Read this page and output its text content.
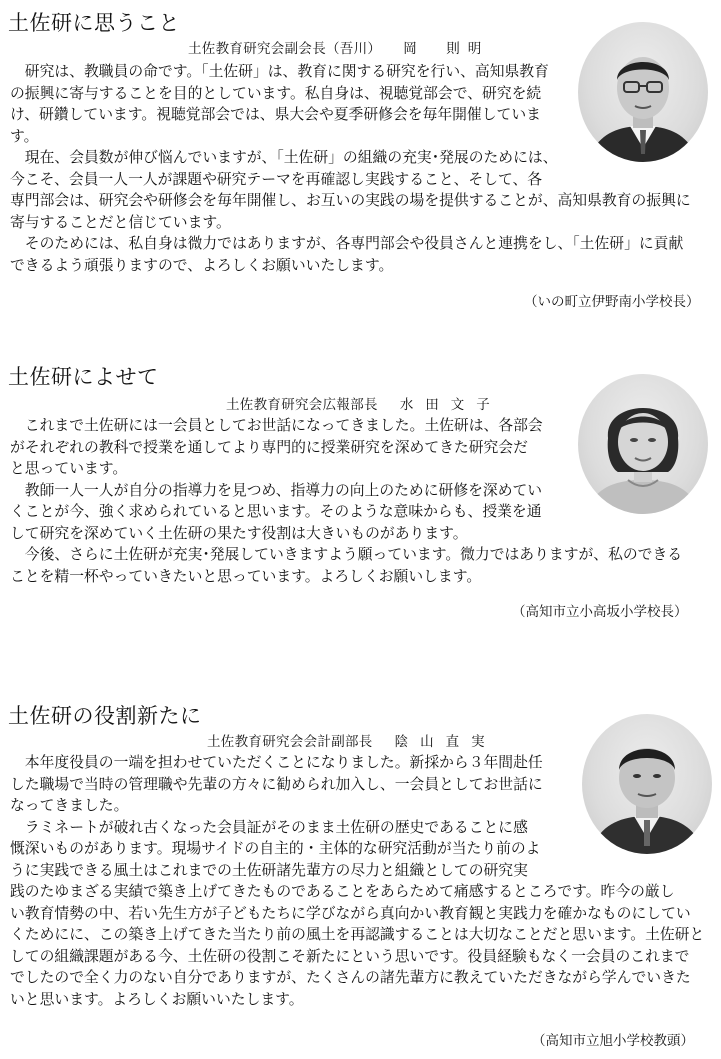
土佐研に思うこと
土佐教育研究会副会長（吾川） 岡　則明
　研究は、教職員の命です。「土佐研」は、教育に関する研究を行い、高知県教育
の振興に寄与することを目的としています。私自身は、視聴覚部会で、研究を続
け、研鑽しています。視聴覚部会では、県大会や夏季研修会を毎年開催していま
す。
　現在、会員数が伸び悩んでいますが、「土佐研」の組織の充実･発展のためには、
今こそ、会員一人一人が課題や研究テーマを再確認し実践すること、そして、各
専門部会は、研究会や研修会を毎年開催し、お互いの実践の場を提供することが、高知県教育の振興に
寄与することだと信じています。
　そのためには、私自身は微力ではありますが、各専門部会や役員さんと連携をし、「土佐研」に貢献
できるよう頑張りますので、よろしくお願いいたします。
（いの町立伊野南小学校長）
土佐研によせて
土佐教育研究会広報部長 水田文子
　これまで土佐研には一会員としてお世話になってきました。土佐研は、各部会
がそれぞれの教科で授業を通してより専門的に授業研究を深めてきた研究会だ
と思っています。
　教師一人一人が自分の指導力を見つめ、指導力の向上のために研修を深めてい
くことが今、強く求められていると思います。そのような意味からも、授業を通
して研究を深めていく土佐研の果たす役割は大きいものがあります。
　今後、さらに土佐研が充実･発展していきますよう願っています。微力ではありますが、私のできる
ことを精一杯やっていきたいと思っています。よろしくお願いします。
（高知市立小高坂小学校長）
土佐研の役割新たに
土佐教育研究会会計副部長 陰山直実
　本年度役員の一端を担わせていただくことになりました。新採から３年間赴任
した職場で当時の管理職や先輩の方々に勧められ加入し、一会員としてお世話に
なってきました。
　ラミネートが破れ古くなった会員証がそのまま土佐研の歴史であることに感
慨深いものがあります。現場サイドの自主的・主体的な研究活動が当たり前のよ
うに実践できる風土はこれまでの土佐研諸先輩方の尽力と組織としての研究実
践のたゆまざる実績で築き上げてきたものであることをあらためて痛感するところです。昨今の厳し
い教育情勢の中、若い先生方が子どもたちに学びながら真向かい教育観と実践力を確かなものにしてい
くためにに、この築き上げてきた当たり前の風土を再認識することは大切なことだと思います。土佐研と
しての組織課題がある今、土佐研の役割こそ新たにという思いです。役員経験もなく一会員のこれまで
でしたので全く力のない自分でありますが、たくさんの諸先輩方に教えていただきながら学んでいきた
いと思います。よろしくお願いいたします。
（高知市立旭小学校教頭）
